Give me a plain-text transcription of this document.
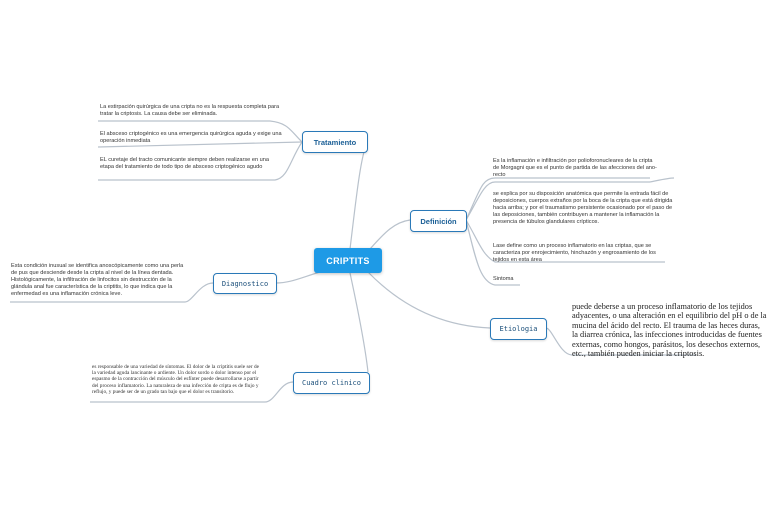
CRIPTITS
Tratamiento
Definición
Diagnostico
Etiologia
Cuadro clinico
La estirpación quirúrgica de una cripta no es la respuesta completa para tratar la criptosis. La causa debe ser eliminada.
El absceso criptogénico es una emergencia quirúrgica aguda y exige una operación inmediata
EL curetaje del tracto comunicante siempre deben realizarse en una etapa del tratamiento de todo tipo de absceso criptogénico agudo
Es la inflamación e infiltración por polioforonucleares de la cripta de Morgagni que es el punto de partida de las afecciones del ano-recto
se explica por su disposición anatómica que permite la entrada fácil de deposiciones, cuerpos extraños por la boca de la cripta que está dirigida hacia arriba; y por el traumatismo persistente ocasionado por el paso de las deposiciones, también contribuyen a mantener la inflamación la presencia de túbulos glandulares crípticos.
Lase define como un proceso inflamatorio en las criptas, que se caracteriza por enrojecimiento, hinchazón y engrosamiento de los tejidos en esta área
Sintoma
Esta condición inusual se identifica anoscópicamente como una perla de pus que desciende desde la cripta al nivel de la línea dentada. Histológicamente, la infiltración de linfocitos sin destrucción de la glándula anal fue característica de la criptitis, lo que indica que la enfermedad es una inflamación crónica leve.
puede deberse a un proceso inflamatorio de los tejidos adyacentes, o una alteración en el equilibrio del pH o de la mucina del ácido del recto. El trauma de las heces duras, la diarrea crónica, las infecciones introducidas de fuentes externas, como hongos, parásitos, los desechos externos, etc., también pueden iniciar la criptosis.
es responsable de una variedad de síntomas. El dolor de la criptitis suele ser de la variedad aguda lancinante o ardiente. Un dolor sordo o dolor intenso por el espasmo de la contracción del músculo del esfínter puede desarrollarse a partir del proceso inflamatorio. La naturaleza de una infección de cripta es de flujo y reflujo, y puede ser de un grado tan bajo que el dolor es transitorio.
